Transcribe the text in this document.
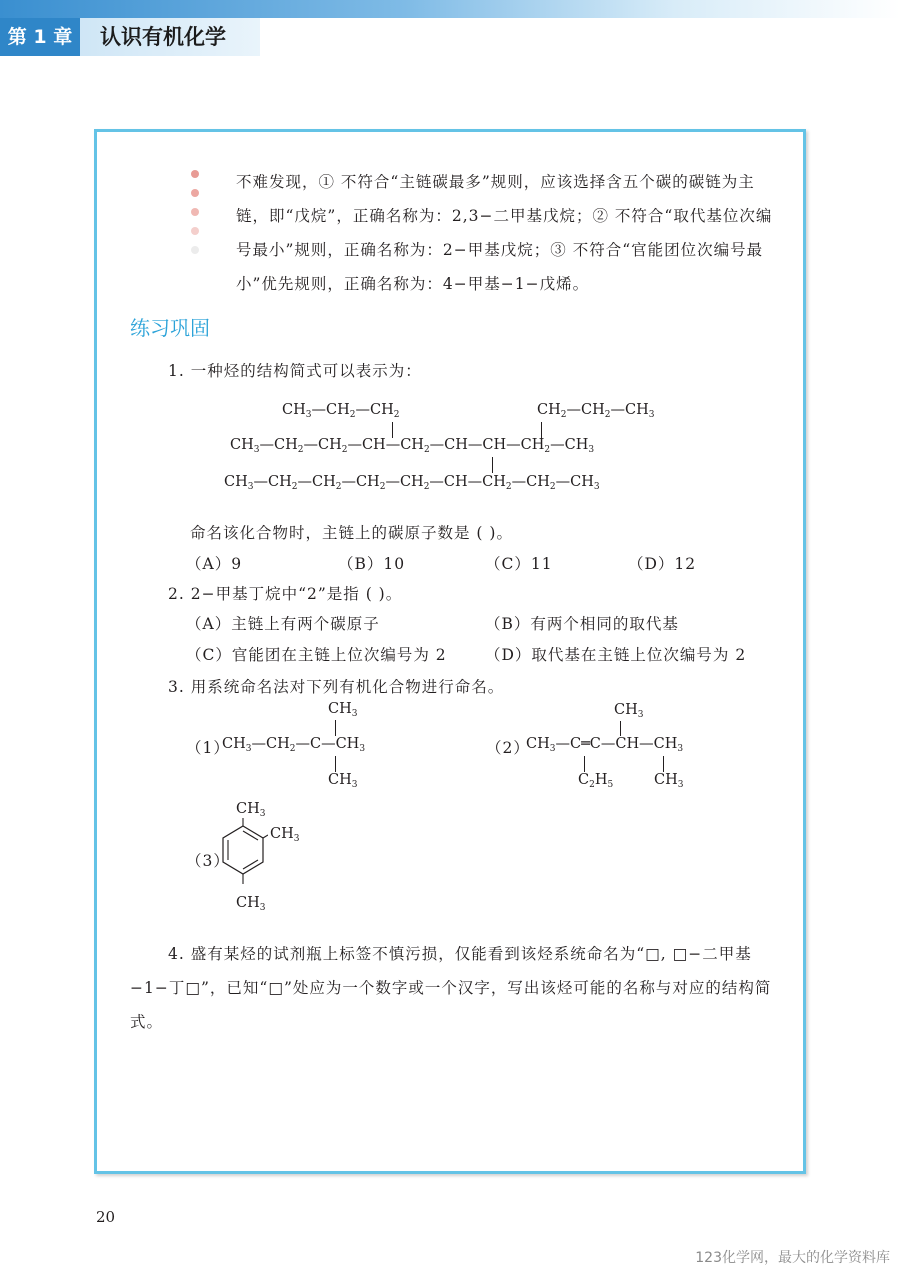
第 1 章	认识有机化学

不难发现，① 不符合“主链碳最多”规则，应该选择含五个碳的碳链为主链，即“戊烷”，正确名称为：2,3−二甲基戊烷；② 不符合“取代基位次编号最小”规则，正确名称为：2−甲基戊烷；③ 不符合“官能团位次编号最小”优先规则，正确名称为：4−甲基−1−戊烯。

练习巩固
1. 一种烃的结构简式可以表示为：
$CH_3—CH_2—CH_2$	$CH_2—CH_2—CH_3$
$CH_3—CH_2—CH_2—CH—CH_2—CH—CH—CH_2—CH_3$
$CH_3—CH_2—CH_2—CH_2—CH_2—CH—CH_2—CH_2—CH_3$
命名该化合物时，主链上的碳原子数是 ( )。
（A）9	（B）10	（C）11	（D）12
2. 2−甲基丁烷中“2”是指 ( )。
（A）主链上有两个碳原子	（B）有两个相同的取代基
（C）官能团在主链上位次编号为 2 （D）取代基在主链上位次编号为 2
3. 用系统命名法对下列有机化合物进行命名。
（1）
$CH_3$
$CH_3—CH_2—C—CH_3$
$CH_3$
（2）
$CH_3$
$CH_3—C═C—CH—CH_3$
$C_2H_5$	$CH_3$
（3）
$CH_3$
$CH_3$
$CH_3$

4. 盛有某烃的试剂瓶上标签不慎污损，仅能看到该烃系统命名为“□, □−二甲基−1−丁□”，已知“□”处应为一个数字或一个汉字，写出该烃可能的名称与对应的结构简式。

20
123化学网，最大的化学资料库
